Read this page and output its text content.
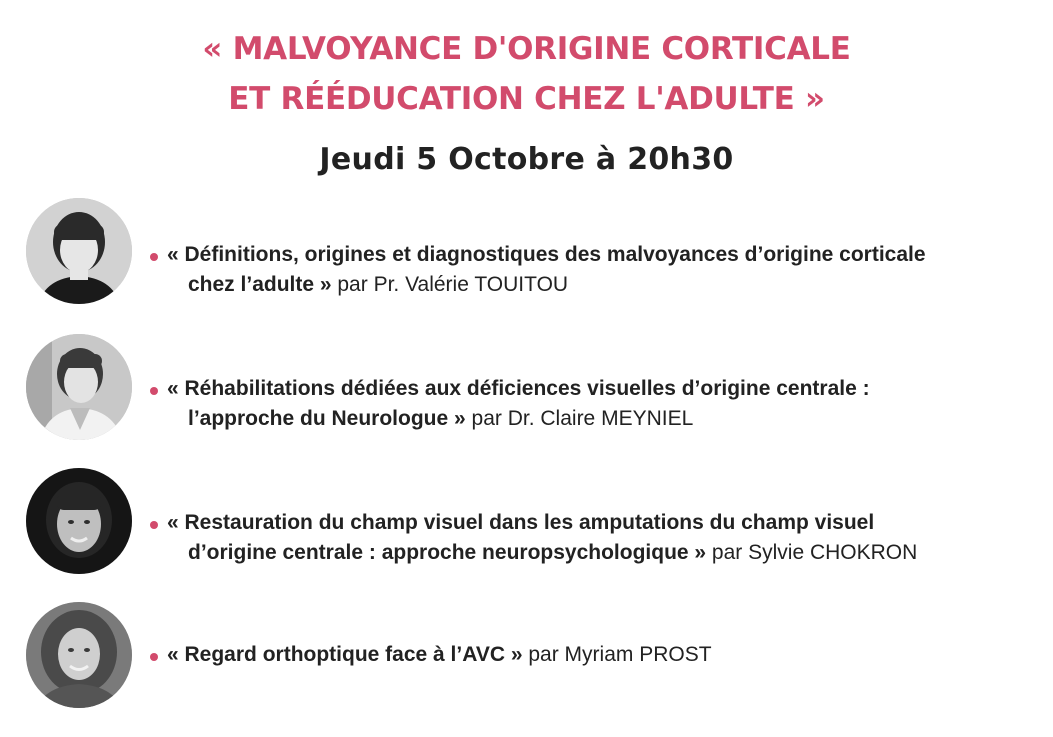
« MALVOYANCE D'ORIGINE CORTICALE
ET RÉÉDUCATION CHEZ L'ADULTE »
Jeudi 5 Octobre à 20h30
« Définitions, origines et diagnostiques des malvoyances d’origine corticale
chez l’adulte » par Pr. Valérie TOUITOU
« Réhabilitations dédiées aux déficiences visuelles d’origine centrale :
l’approche du Neurologue » par Dr. Claire MEYNIEL
« Restauration du champ visuel dans les amputations du champ visuel
d’origine centrale : approche neuropsychologique » par Sylvie CHOKRON
« Regard orthoptique face à l’AVC » par Myriam PROST
